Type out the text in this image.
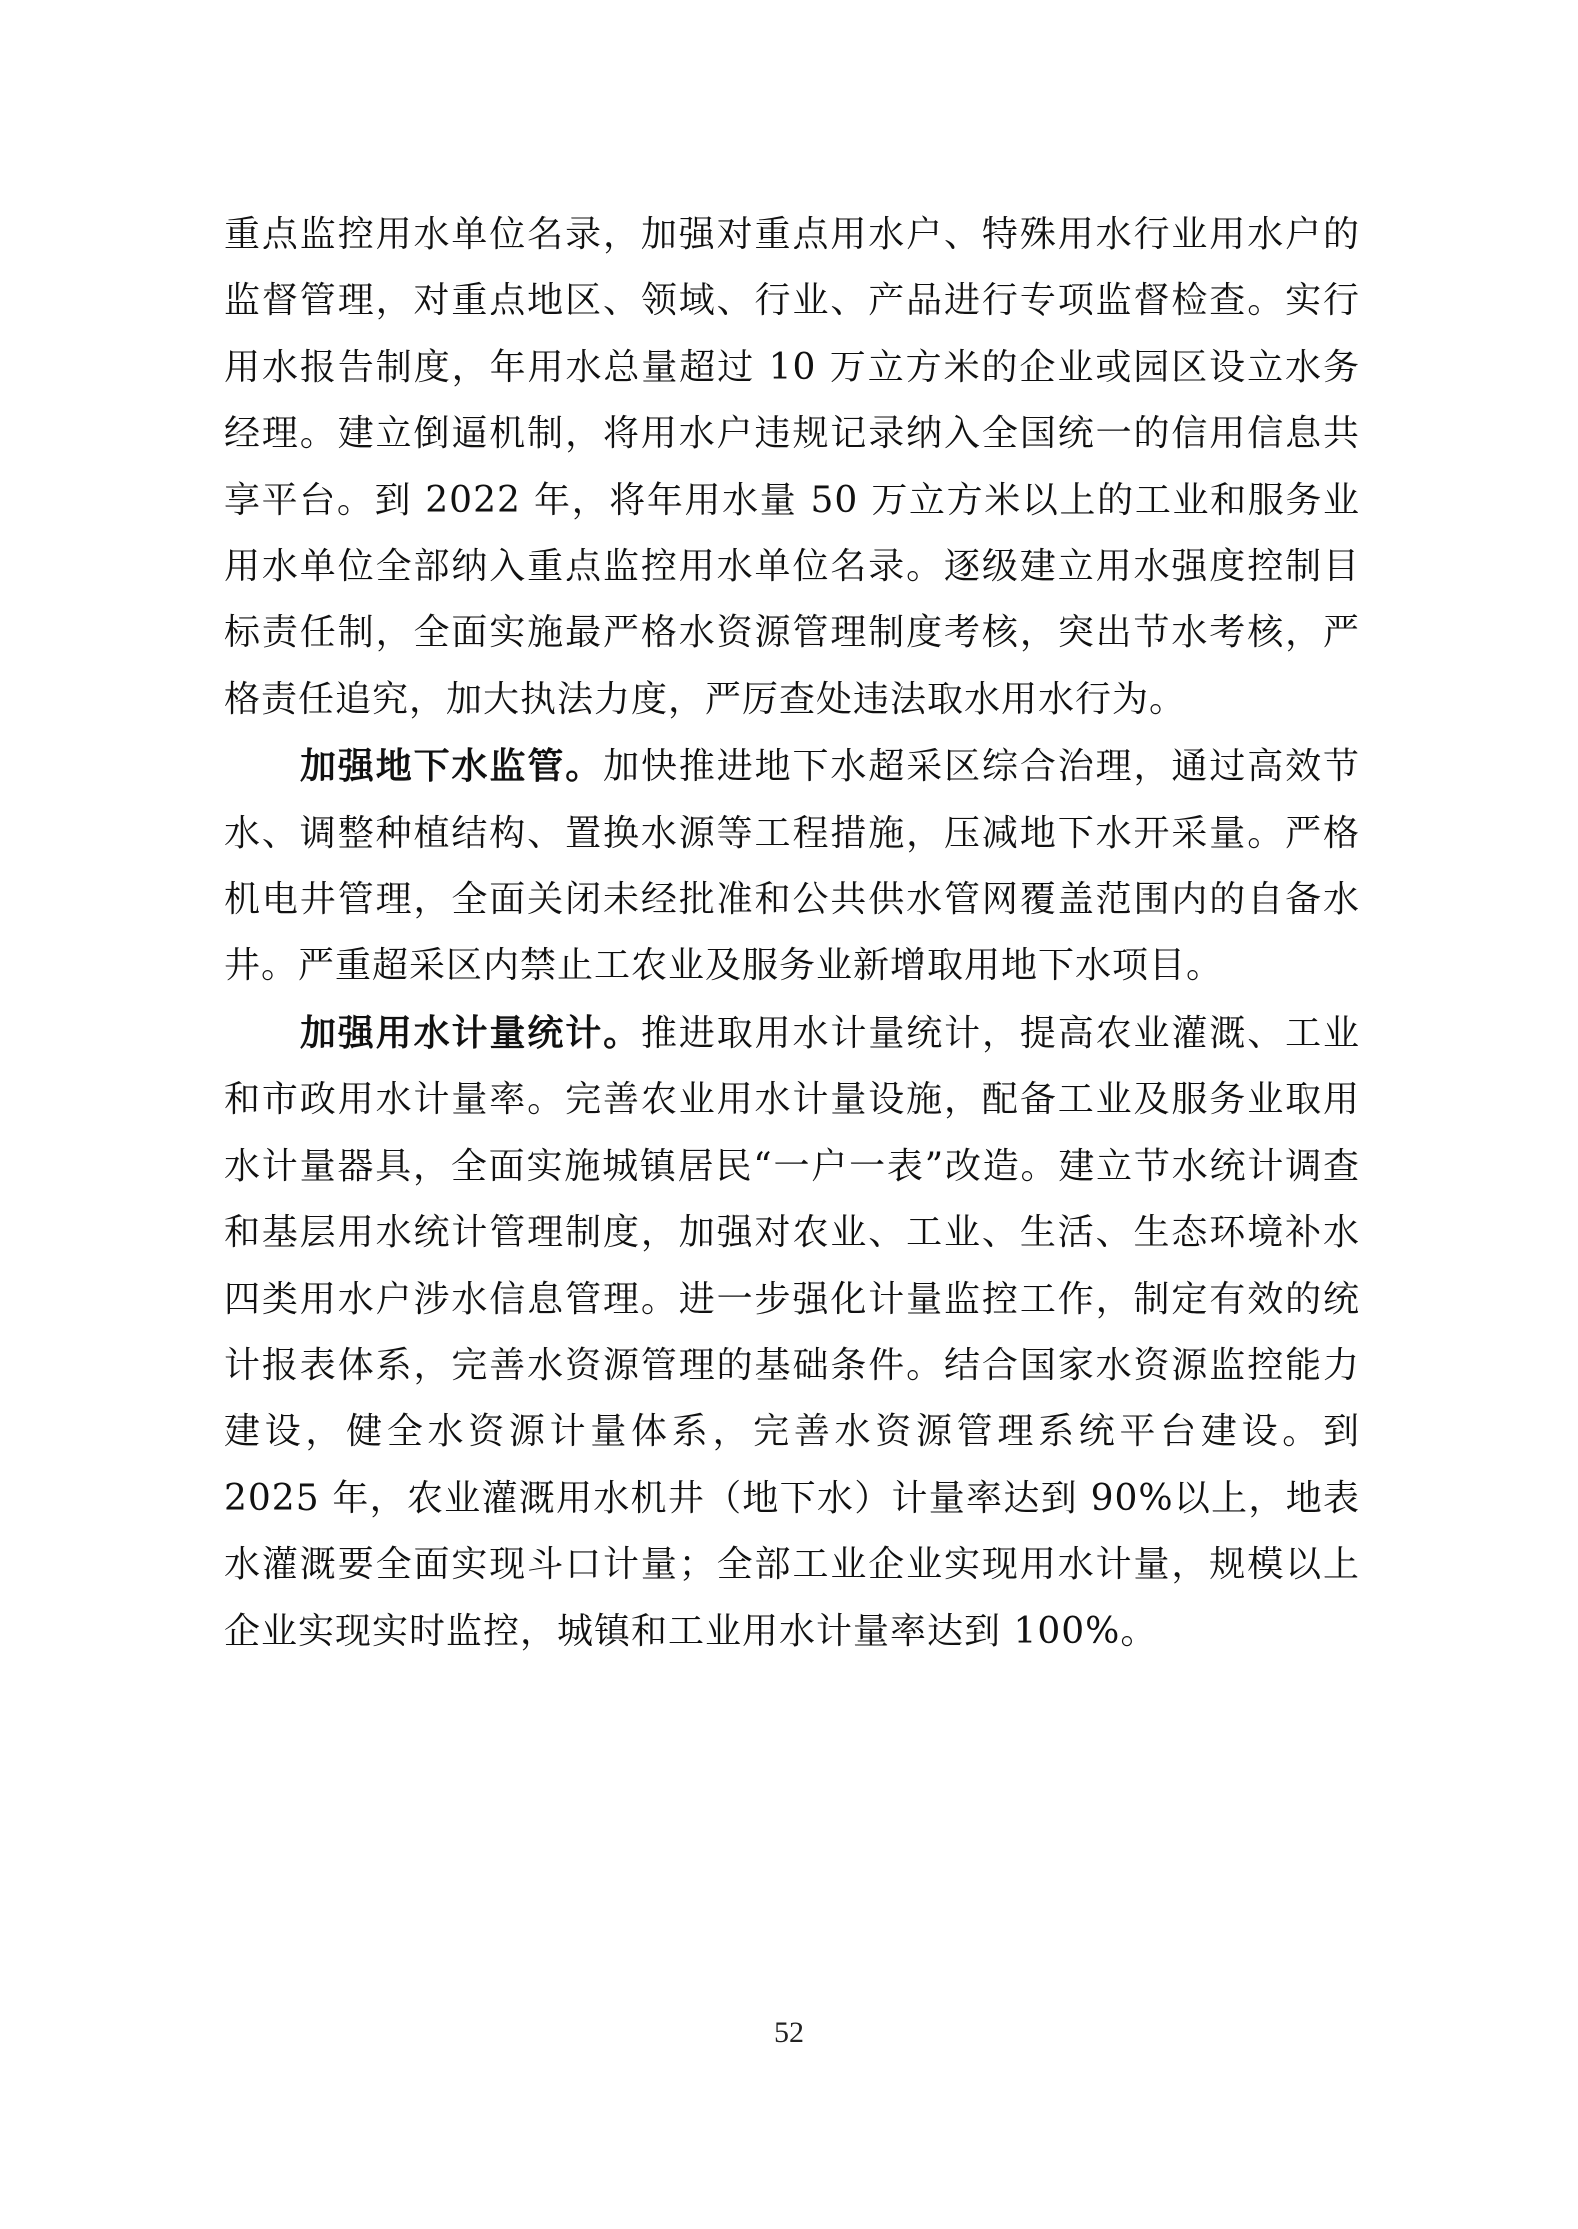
重点监控用水单位名录，加强对重点用水户、特殊用水行业用水户的监督管理，对重点地区、领域、行业、产品进行专项监督检查。实行用水报告制度，年用水总量超过 10 万立方米的企业或园区设立水务经理。建立倒逼机制，将用水户违规记录纳入全国统一的信用信息共享平台。到 2022 年，将年用水量 50 万立方米以上的工业和服务业用水单位全部纳入重点监控用水单位名录。逐级建立用水强度控制目标责任制，全面实施最严格水资源管理制度考核，突出节水考核，严格责任追究，加大执法力度，严厉查处违法取水用水行为。

加强地下水监管。加快推进地下水超采区综合治理，通过高效节水、调整种植结构、置换水源等工程措施，压减地下水开采量。严格机电井管理，全面关闭未经批准和公共供水管网覆盖范围内的自备水井。严重超采区内禁止工农业及服务业新增取用地下水项目。

加强用水计量统计。推进取用水计量统计，提高农业灌溉、工业和市政用水计量率。完善农业用水计量设施，配备工业及服务业取用水计量器具，全面实施城镇居民“一户一表”改造。建立节水统计调查和基层用水统计管理制度，加强对农业、工业、生活、生态环境补水四类用水户涉水信息管理。进一步强化计量监控工作，制定有效的统计报表体系，完善水资源管理的基础条件。结合国家水资源监控能力建设，健全水资源计量体系，完善水资源管理系统平台建设。到 2025 年，农业灌溉用水机井（地下水）计量率达到 90%以上，地表水灌溉要全面实现斗口计量；全部工业企业实现用水计量，规模以上企业实现实时监控，城镇和工业用水计量率达到 100%。

52
